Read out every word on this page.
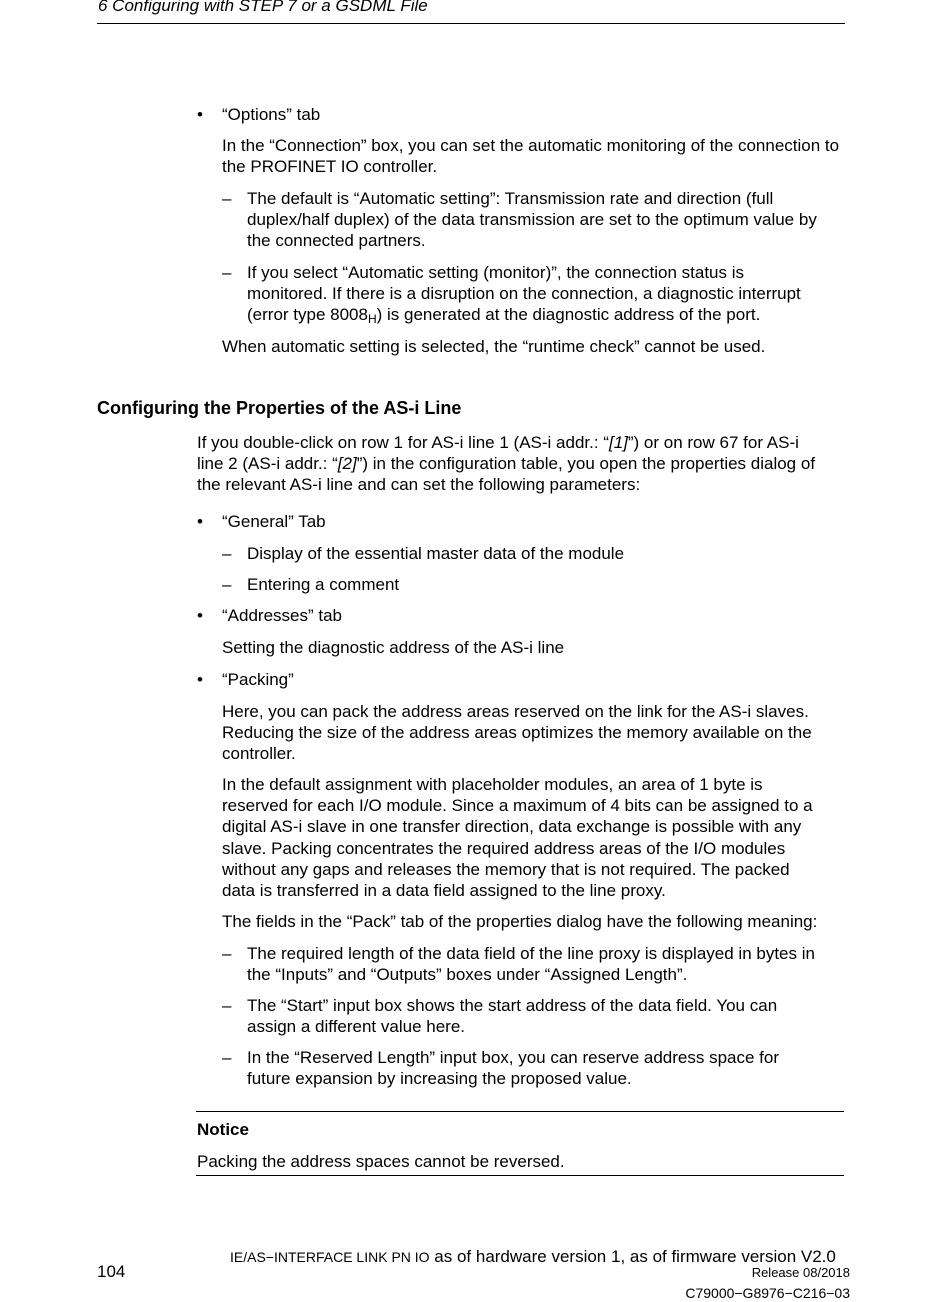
6 Configuring with STEP 7 or a GSDML File
• “Options” tab
In the “Connection” box, you can set the automatic monitoring of the connection to the PROFINET IO controller.
– The default is “Automatic setting”: Transmission rate and direction (full
duplex/half duplex) of the data transmission are set to the optimum value by
the connected partners.
– If you select “Automatic setting (monitor)”, the connection status is
monitored. If there is a disruption on the connection, a diagnostic interrupt
(error type $8008_H$) is generated at the diagnostic address of the port.
When automatic setting is selected, the “runtime check” cannot be used.
Configuring the Properties of the AS-i Line
If you double-click on row 1 for AS-i line 1 (AS-i addr.: “[1]”) or on row 67 for AS-i
line 2 (AS-i addr.: “[2]”) in the configuration table, you open the properties dialog of
the relevant AS-i line and can set the following parameters:
• “General” Tab
– Display of the essential master data of the module
– Entering a comment
• “Addresses” tab
Setting the diagnostic address of the AS-i line
• “Packing”
Here, you can pack the address areas reserved on the link for the AS-i slaves.
Reducing the size of the address areas optimizes the memory available on the
controller.
In the default assignment with placeholder modules, an area of 1 byte is
reserved for each I/O module. Since a maximum of 4 bits can be assigned to a
digital AS-i slave in one transfer direction, data exchange is possible with any
slave. Packing concentrates the required address areas of the I/O modules
without any gaps and releases the memory that is not required. The packed
data is transferred in a data field assigned to the line proxy.
The fields in the “Pack” tab of the properties dialog have the following meaning:
– The required length of the data field of the line proxy is displayed in bytes in
the “Inputs” and “Outputs” boxes under “Assigned Length”.
– The “Start” input box shows the start address of the data field. You can
assign a different value here.
– In the “Reserved Length” input box, you can reserve address space for
future expansion by increasing the proposed value.
Notice
Packing the address spaces cannot be reversed.
104
IE/AS−INTERFACE LINK PN IO as of hardware version 1, as of firmware version V2.0
Release 08/2018
C79000−G8976−C216−03
